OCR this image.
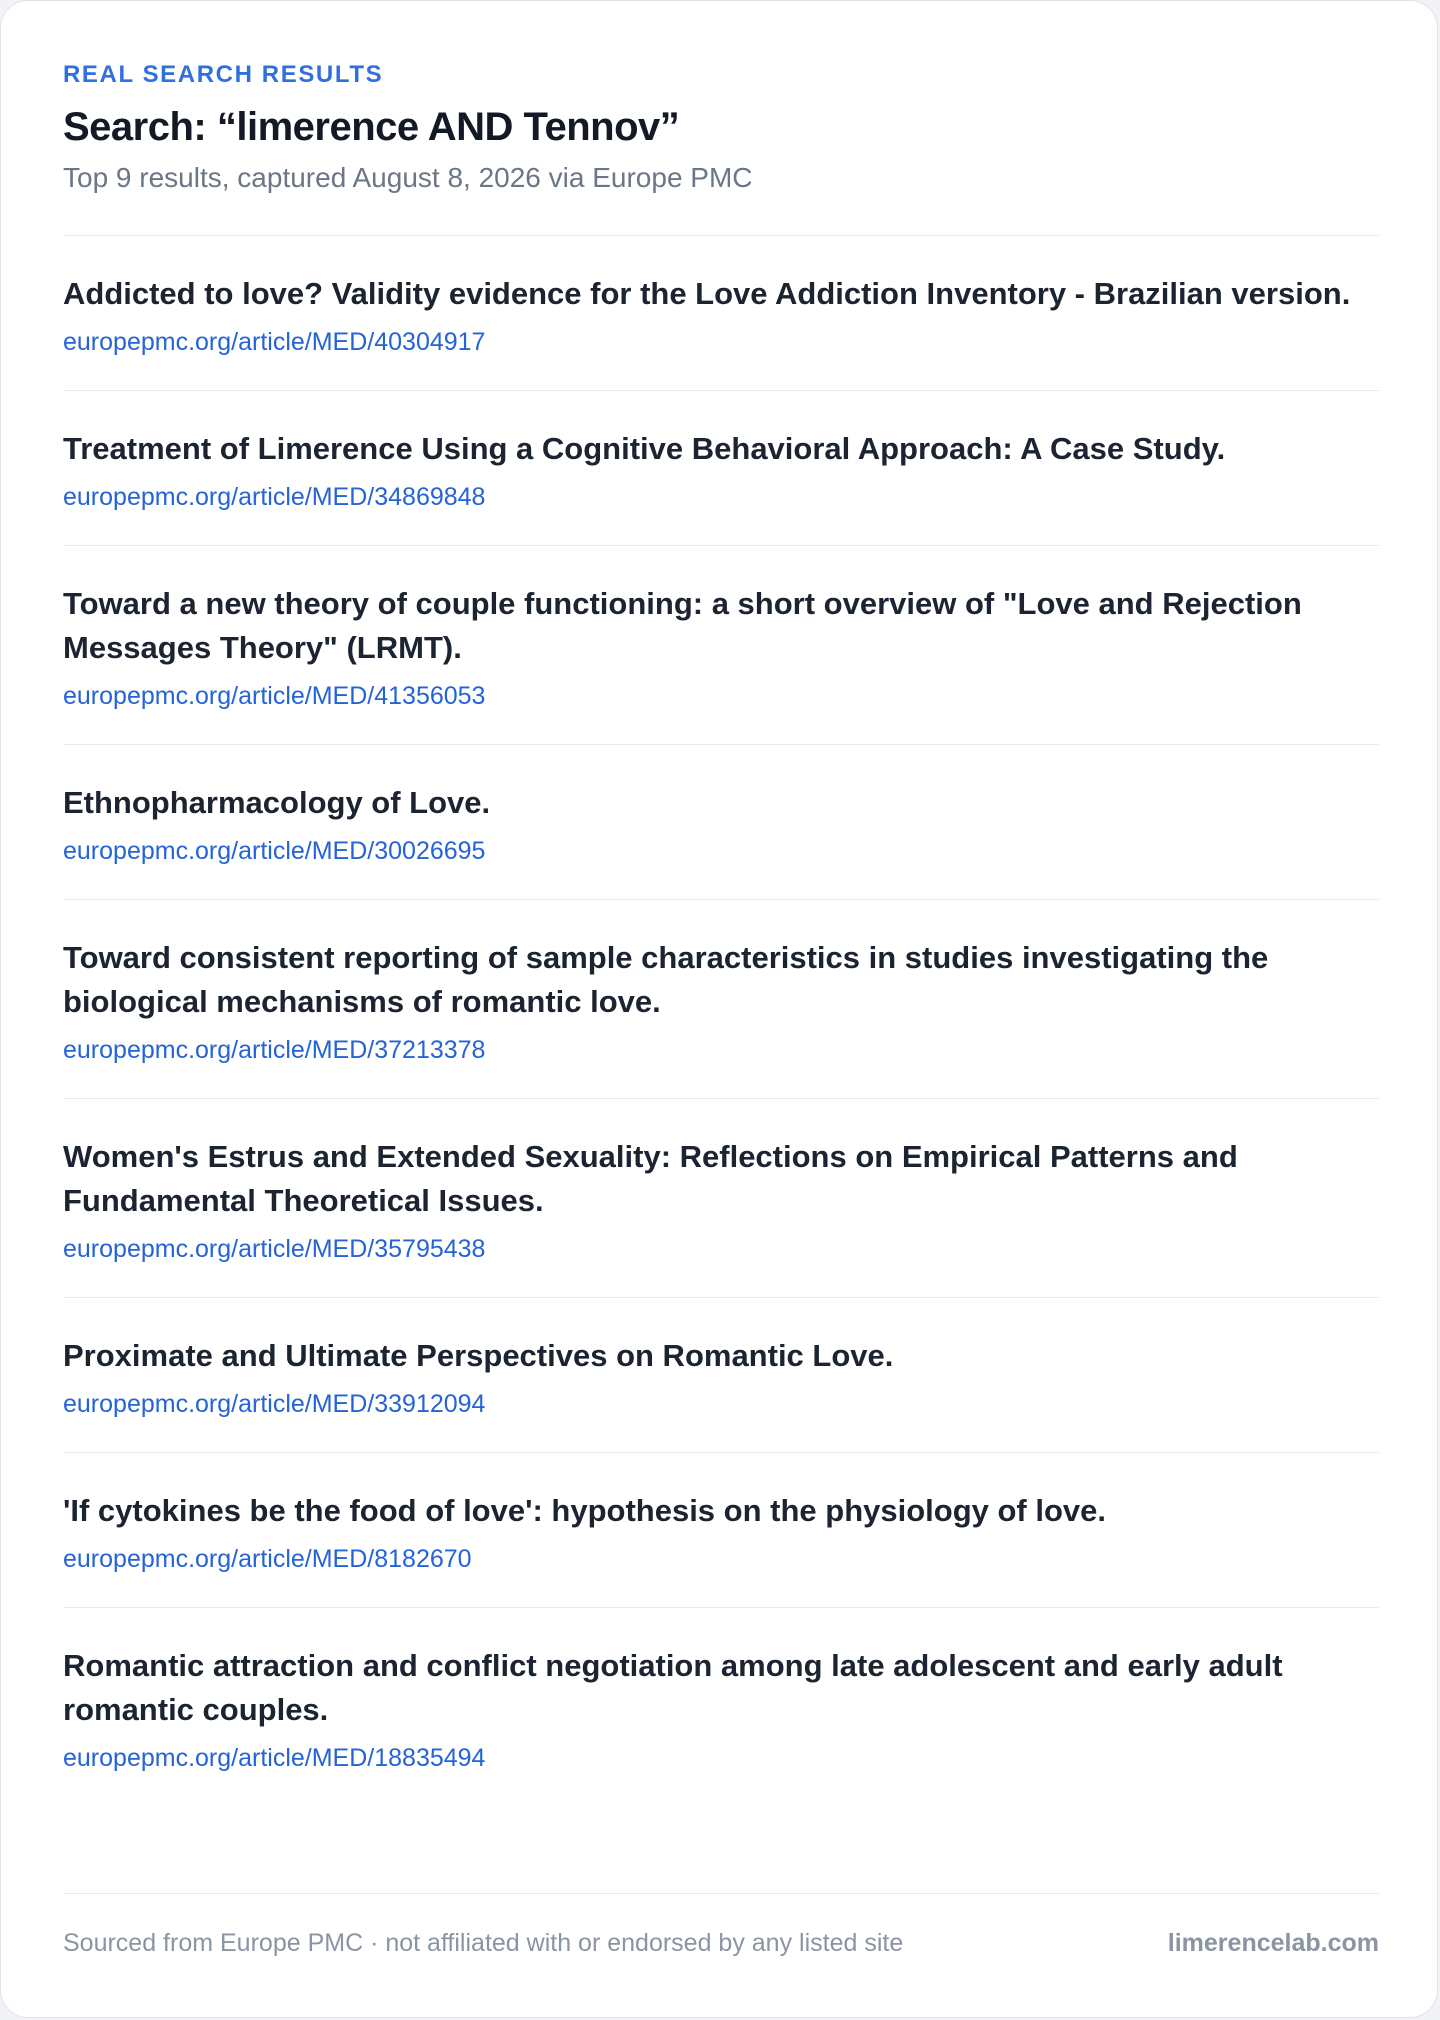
REAL SEARCH RESULTS
Search: “limerence AND Tennov”
Top 9 results, captured August 8, 2026 via Europe PMC
Addicted to love? Validity evidence for the Love Addiction Inventory - Brazilian version.
europepmc.org/article/MED/40304917
Treatment of Limerence Using a Cognitive Behavioral Approach: A Case Study.
europepmc.org/article/MED/34869848
Toward a new theory of couple functioning: a short overview of "Love and Rejection Messages Theory" (LRMT).
europepmc.org/article/MED/41356053
Ethnopharmacology of Love.
europepmc.org/article/MED/30026695
Toward consistent reporting of sample characteristics in studies investigating the biological mechanisms of romantic love.
europepmc.org/article/MED/37213378
Women's Estrus and Extended Sexuality: Reflections on Empirical Patterns and Fundamental Theoretical Issues.
europepmc.org/article/MED/35795438
Proximate and Ultimate Perspectives on Romantic Love.
europepmc.org/article/MED/33912094
'If cytokines be the food of love': hypothesis on the physiology of love.
europepmc.org/article/MED/8182670
Romantic attraction and conflict negotiation among late adolescent and early adult romantic couples.
europepmc.org/article/MED/18835494
Sourced from Europe PMC · not affiliated with or endorsed by any listed site	limerencelab.com
